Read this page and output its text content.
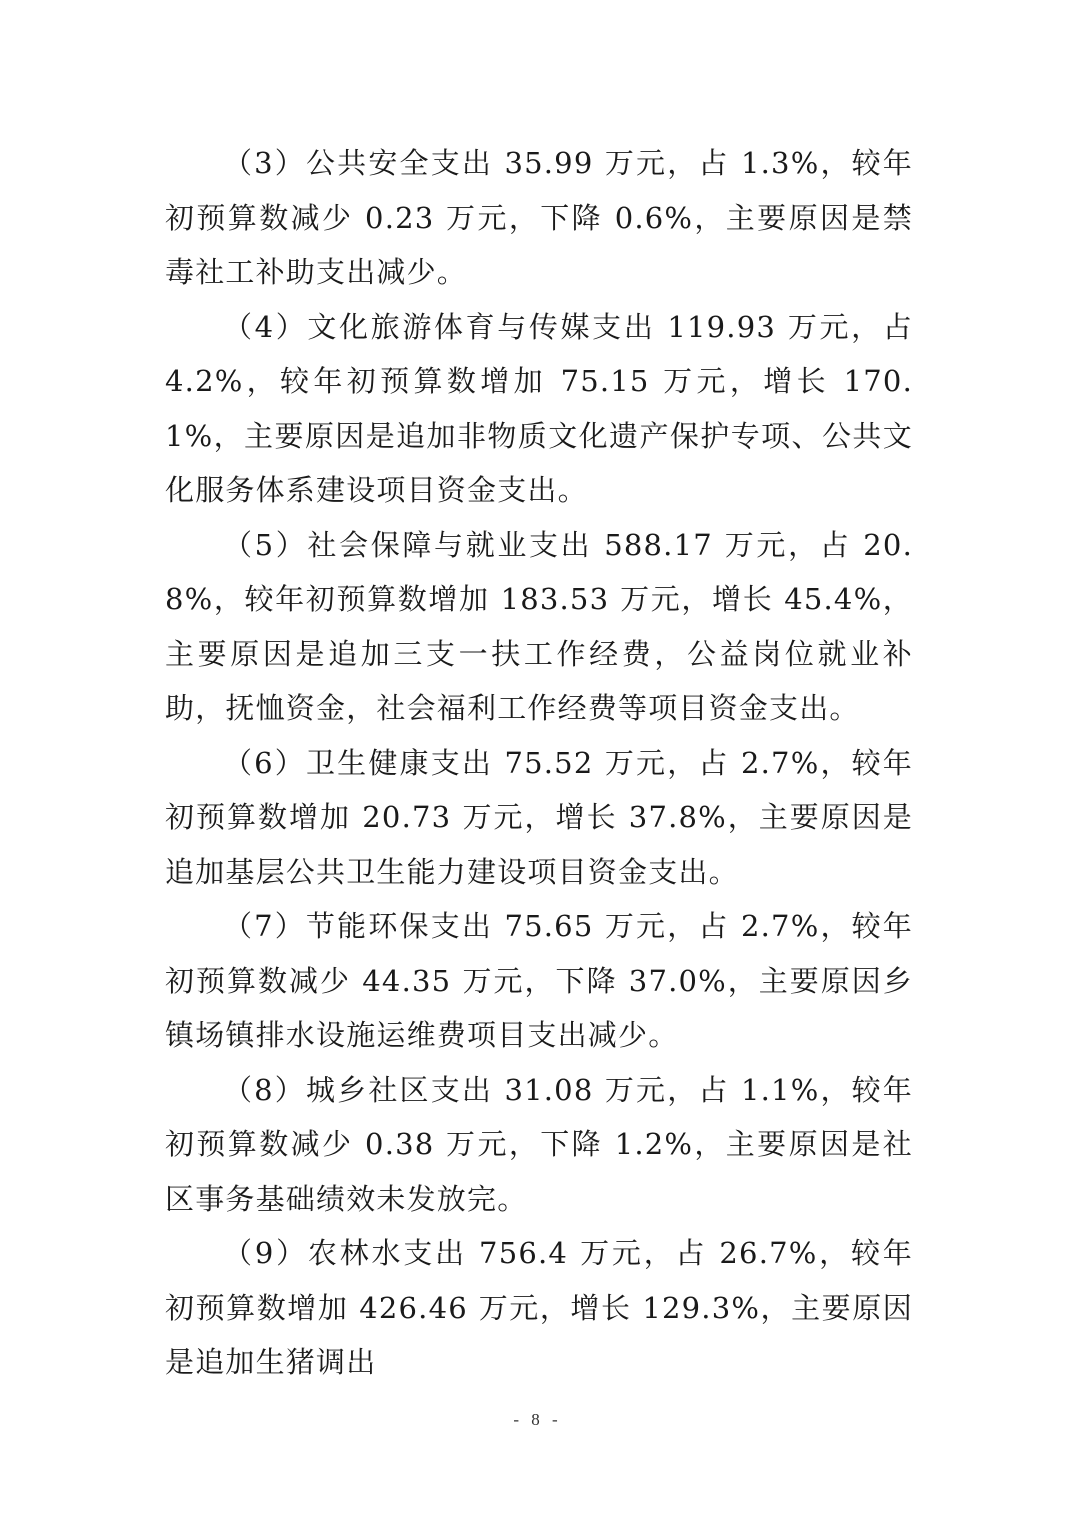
（3）公共安全支出 35.99 万元，占 1.3%，较年初预算数减少 0.23 万元，下降 0.6%，主要原因是禁毒社工补助支出减少。

（4）文化旅游体育与传媒支出 119.93 万元，占 4.2%，较年初预算数增加 75.15 万元，增长 170.1%，主要原因是追加非物质文化遗产保护专项、公共文化服务体系建设项目资金支出。

（5）社会保障与就业支出 588.17 万元，占 20.8%，较年初预算数增加 183.53 万元，增长 45.4%，主要原因是追加三支一扶工作经费，公益岗位就业补助，抚恤资金，社会福利工作经费等项目资金支出。

（6）卫生健康支出 75.52 万元，占 2.7%，较年初预算数增加 20.73 万元，增长 37.8%，主要原因是追加基层公共卫生能力建设项目资金支出。

（7）节能环保支出 75.65 万元，占 2.7%，较年初预算数减少 44.35 万元，下降 37.0%，主要原因乡镇场镇排水设施运维费项目支出减少。

（8）城乡社区支出 31.08 万元，占 1.1%，较年初预算数减少 0.38 万元，下降 1.2%，主要原因是社区事务基础绩效未发放完。

（9）农林水支出 756.4 万元，占 26.7%，较年初预算数增加 426.46 万元，增长 129.3%，主要原因是追加生猪调出

- 8 -
